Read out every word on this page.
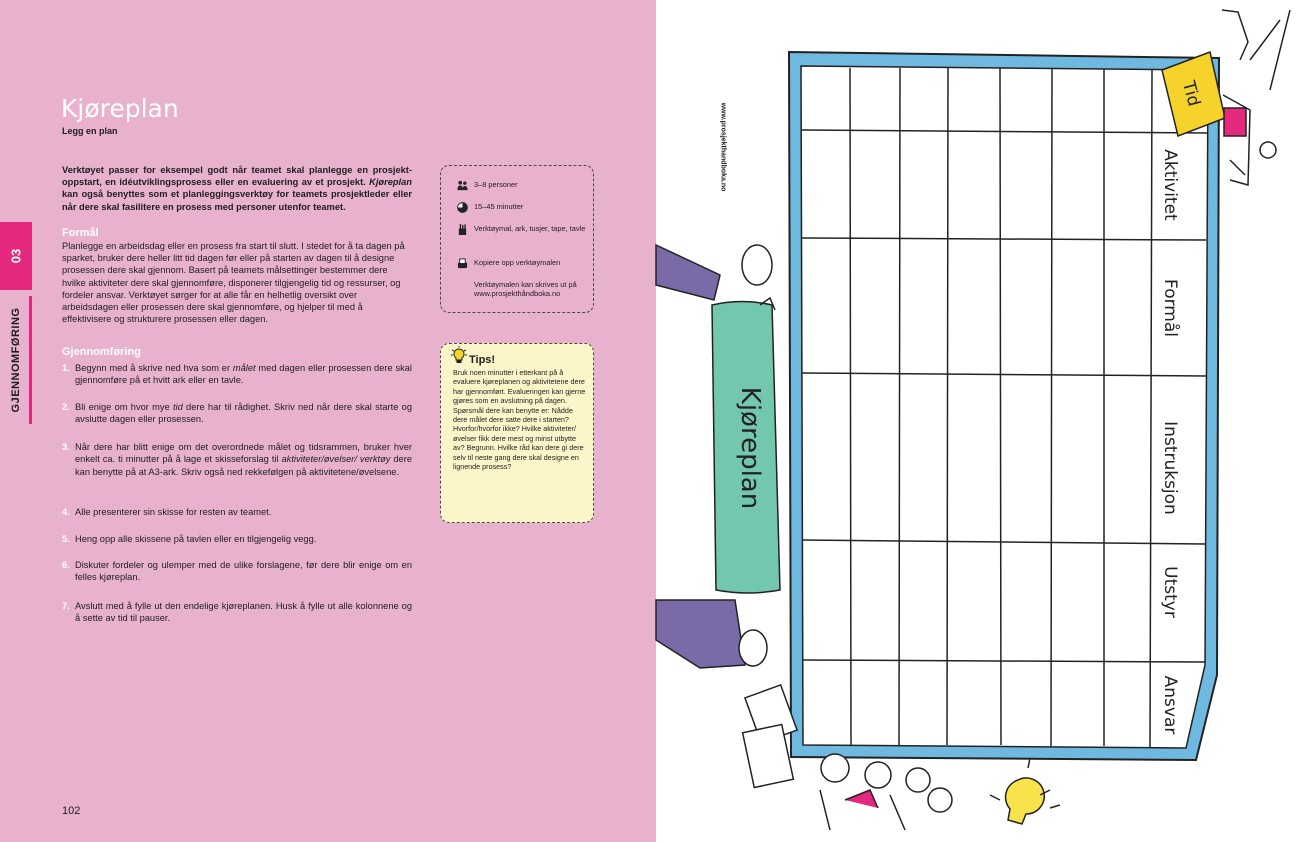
03
GJENNOMFØRING
Kjøreplan
Legg en plan

Verktøyet passer for eksempel godt når teamet skal planlegge en prosjektoppstart, en idéutviklingsprosess eller en evaluering av et prosjekt. Kjøreplan kan også benyttes som et planleggingsverktøy for teamets prosjektleder eller når dere skal fasilitere en prosess med personer utenfor teamet.

Formål

Planlegge en arbeidsdag eller en prosess fra start til slutt. I stedet for å ta dagen på sparket, bruker dere heller litt tid dagen før eller på starten av dagen til å designe prosessen dere skal gjennom. Basert på teamets målsettinger bestemmer dere hvilke aktiviteter dere skal gjennomføre, disponerer tilgjengelig tid og ressurser, og fordeler ansvar. Verktøyet sørger for at alle får en helhetlig oversikt over arbeidsdagen eller prosessen dere skal gjennomføre, og hjelper til med å effektivisere og strukturere prosessen eller dagen.

Gjennomføring
1. Begynn med å skrive ned hva som er målet med dagen eller prosessen dere skal gjennomføre på et hvitt ark eller en tavle.
2. Bli enige om hvor mye tid dere har til rådighet. Skriv ned når dere skal starte og avslutte dagen eller prosessen.
3. Når dere har blitt enige om det overordnede målet og tidsrammen, bruker hver enkelt ca. ti minutter på å lage et skisseforslag til aktiviteter/øvelser/ verktøy dere kan benytte på at A3-ark. Skriv også ned rekkefølgen på aktivitetene/øvelsene.
4. Alle presenterer sin skisse for resten av teamet.
5. Heng opp alle skissene på tavlen eller en tilgjengelig vegg.
6. Diskuter fordeler og ulemper med de ulike forslagene, før dere blir enige om en felles kjøreplan.
7. Avslutt med å fylle ut den endelige kjøreplanen. Husk å fylle ut alle kolonnene og å sette av tid til pauser.
102
3–8 personer
15–45 minutter
Verktøymal, ark, tusjer, tape, tavle
Kopiere opp verktøymalen
Verktøymalen kan skrives ut på www.prosjekthåndboka.no
Tips!
Bruk noen minutter i etterkant på å evaluere kjøreplanen og aktivitetene dere har gjennomført. Evalueringen kan gjerne gjøres som en avslutning på dagen. Spørsmål dere kan benytte er: Nådde dere målet dere satte dere i starten? Hvorfor/hvorfor ikke? Hvilke aktiviteter/øvelser fikk dere mest og minst utbytte av? Begrunn. Hvilke råd kan dere gi dere selv til neste gang dere skal designe en lignende prosess?
www.prosjekthandboka.no	Aktivitet
Formål
Instruksjon
Utstyr
Ansvar
Tid
Kjøreplan
